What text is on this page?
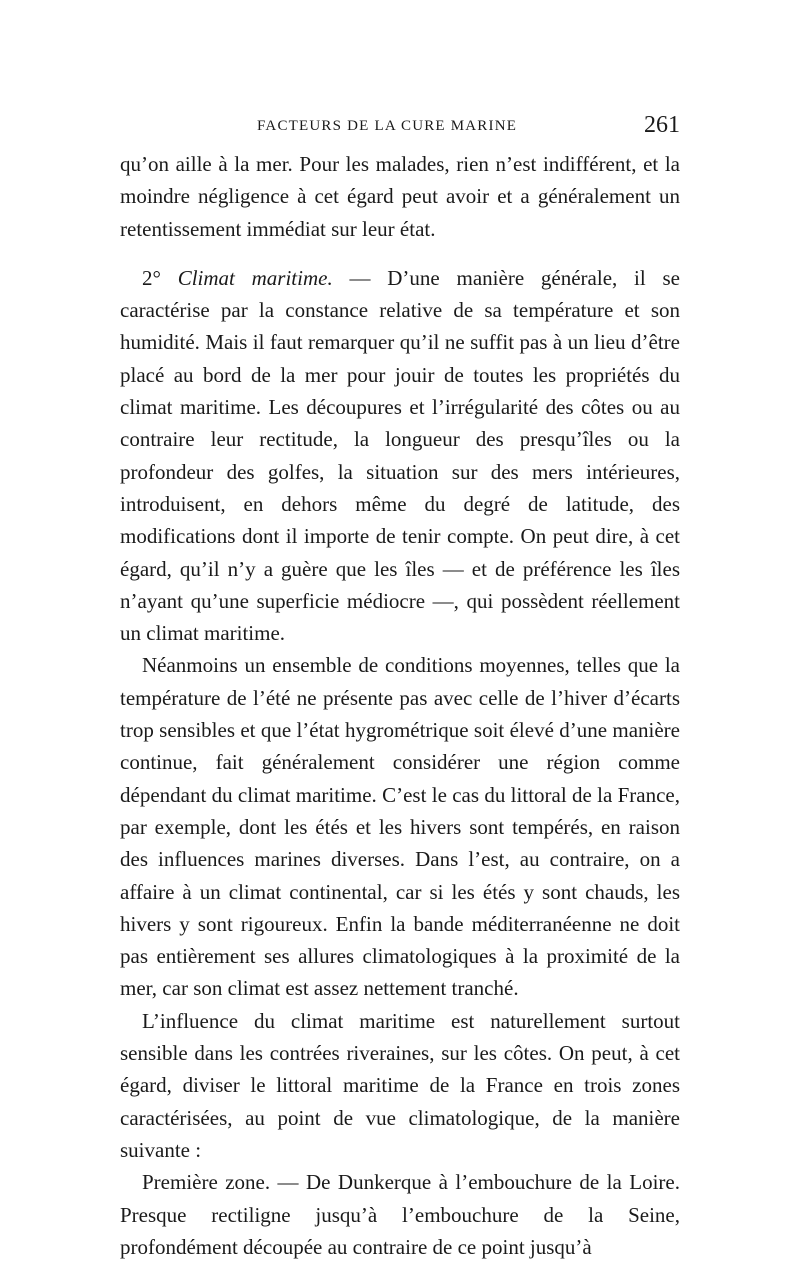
FACTEURS DE LA CURE MARINE	261

qu’on aille à la mer. Pour les malades, rien n’est indifférent, et la moindre négligence à cet égard peut avoir et a généralement un retentissement immédiat sur leur état.

2° Climat maritime. — D’une manière générale, il se caractérise par la constance relative de sa température et son humidité. Mais il faut remarquer qu’il ne suffit pas à un lieu d’être placé au bord de la mer pour jouir de toutes les propriétés du climat maritime. Les découpures et l’irrégularité des côtes ou au contraire leur rectitude, la longueur des presqu’îles ou la profondeur des golfes, la situation sur des mers intérieures, introduisent, en dehors même du degré de latitude, des modifications dont il importe de tenir compte. On peut dire, à cet égard, qu’il n’y a guère que les îles — et de préférence les îles n’ayant qu’une superficie médiocre —, qui possèdent réellement un climat maritime.

Néanmoins un ensemble de conditions moyennes, telles que la température de l’été ne présente pas avec celle de l’hiver d’écarts trop sensibles et que l’état hygrométrique soit élevé d’une manière continue, fait généralement considérer une région comme dépendant du climat maritime. C’est le cas du littoral de la France, par exemple, dont les étés et les hivers sont tempérés, en raison des influences marines diverses. Dans l’est, au contraire, on a affaire à un climat continental, car si les étés y sont chauds, les hivers y sont rigoureux. Enfin la bande méditerranéenne ne doit pas entièrement ses allures climatologiques à la proximité de la mer, car son climat est assez nettement tranché.

L’influence du climat maritime est naturellement surtout sensible dans les contrées riveraines, sur les côtes. On peut, à cet égard, diviser le littoral maritime de la France en trois zones caractérisées, au point de vue climatologique, de la manière suivante :

Première zone. — De Dunkerque à l’embouchure de la Loire. Presque rectiligne jusqu’à l’embouchure de la Seine, profondément découpée au contraire de ce point jusqu’à
